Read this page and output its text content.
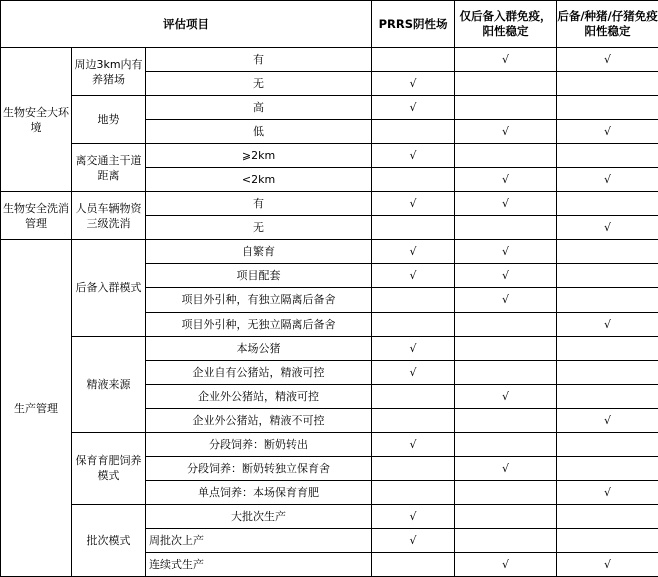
评估项目			PRRS阴性场	仅后备入群免疫，阳性稳定	后备/种猪/仔猪免疫阳性稳定
生物安全大环境	周边3km内有养猪场	有		√	√
		无	√		
	地势	高	√		
		低		√	√
	离交通主干道距离	⩾2km	√		
		<2km		√	√
生物安全洗消管理	人员车辆物资三级洗消	有	√	√	
		无			√
生产管理	后备入群模式	自繁育	√	√	
		项目配套	√	√	
		项目外引种，有独立隔离后备舍		√	
		项目外引种，无独立隔离后备舍			√
	精液来源	本场公猪	√		
		企业自有公猪站，精液可控	√		
		企业外公猪站，精液可控		√	
		企业外公猪站，精液不可控			√
	保育育肥饲养模式	分段饲养：断奶转出	√		
		分段饲养：断奶转独立保育舍		√	
		单点饲养：本场保育育肥			√
	批次模式	大批次生产	√		
		周批次上产	√		
		连续式生产		√	√
